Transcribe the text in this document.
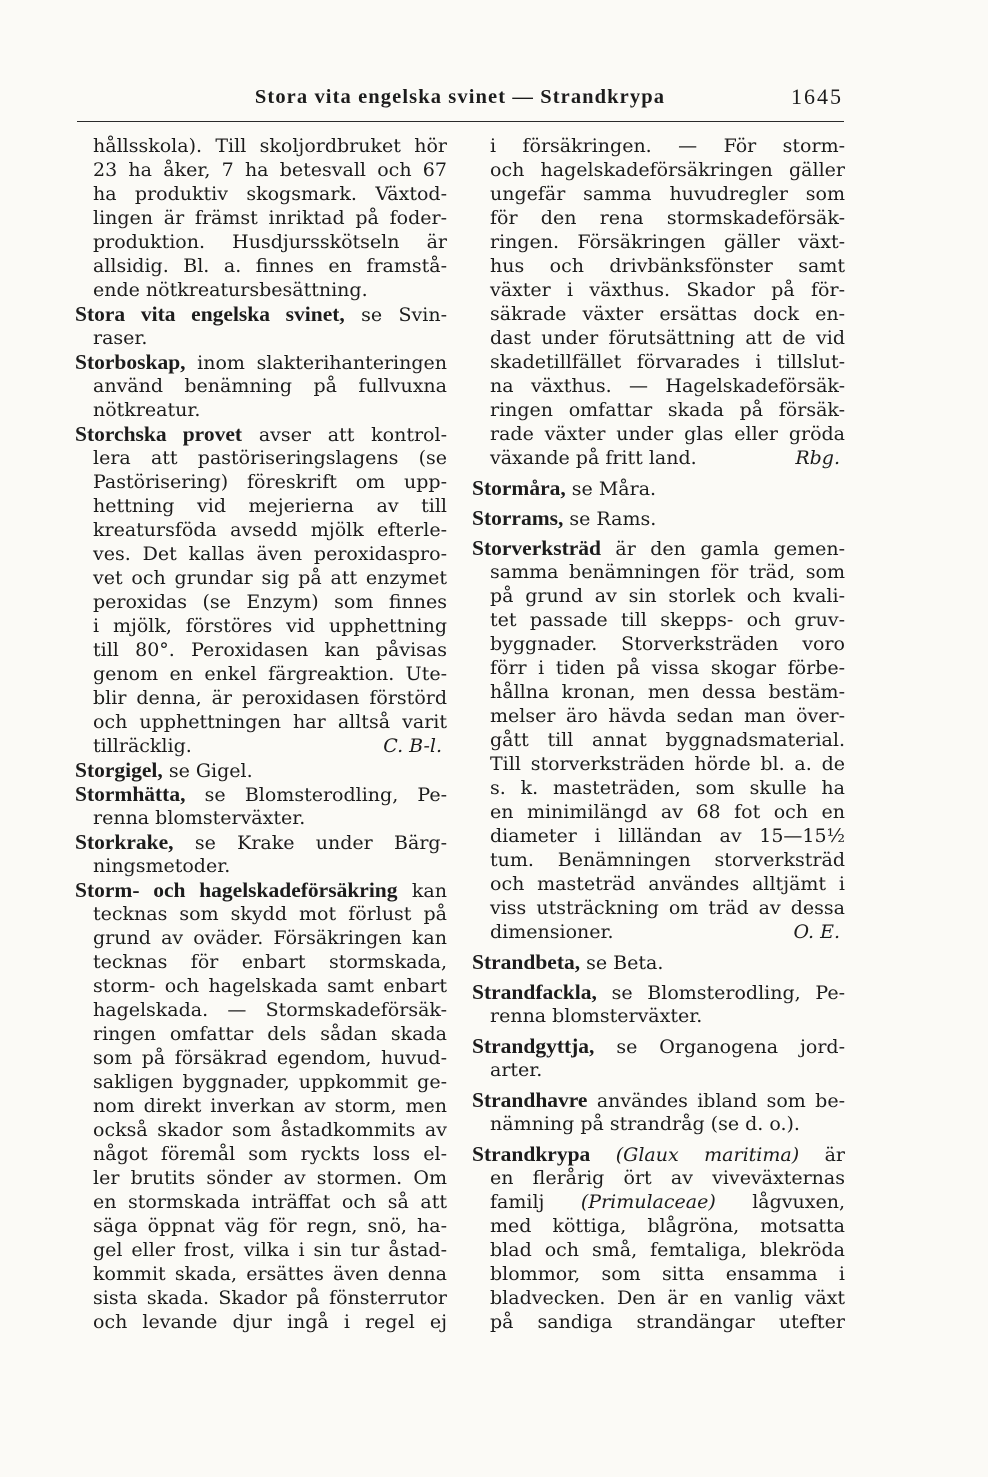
Stora vita engelska svinet — Strandkrypa	1645
hållsskola). Till skoljordbruket hör
23 ha åker, 7 ha betesvall och 67
ha produktiv skogsmark. Växtod-
lingen är främst inriktad på foder-
produktion. Husdjursskötseln är
allsidig. Bl. a. finnes en framstå-
ende nötkreatursbesättning.
Stora vita engelska svinet, se Svin-
raser.
Storboskap, inom slakterihanteringen
använd benämning på fullvuxna
nötkreatur.
Storchska provet avser att kontrol-
lera att pastöriseringslagens (se
Pastörisering) föreskrift om upp-
hettning vid mejerierna av till
kreatursföda avsedd mjölk efterle-
ves. Det kallas även peroxidaspro-
vet och grundar sig på att enzymet
peroxidas (se Enzym) som finnes
i mjölk, förstöres vid upphettning
till 80°. Peroxidasen kan påvisas
genom en enkel färgreaktion. Ute-
blir denna, är peroxidasen förstörd
och upphettningen har alltså varit
tillräcklig.	C. B-l.
Storgigel, se Gigel.
Stormhätta, se Blomsterodling, Pe-
renna blomsterväxter.
Storkrake, se Krake under Bärg-
ningsmetoder.
Storm- och hagelskadeförsäkring kan
tecknas som skydd mot förlust på
grund av oväder. Försäkringen kan
tecknas för enbart stormskada,
storm- och hagelskada samt enbart
hagelskada. — Stormskadeförsäk-
ringen omfattar dels sådan skada
som på försäkrad egendom, huvud-
sakligen byggnader, uppkommit ge-
nom direkt inverkan av storm, men
också skador som åstadkommits av
något föremål som ryckts loss el-
ler brutits sönder av stormen. Om
en stormskada inträffat och så att
säga öppnat väg för regn, snö, ha-
gel eller frost, vilka i sin tur åstad-
kommit skada, ersättes även denna
sista skada. Skador på fönsterrutor
och levande djur ingå i regel ej
i försäkringen. — För storm-
och hagelskadeförsäkringen gäller
ungefär samma huvudregler som
för den rena stormskadeförsäk-
ringen. Försäkringen gäller växt-
hus och drivbänksfönster samt
växter i växthus. Skador på för-
säkrade växter ersättas dock en-
dast under förutsättning att de vid
skadetillfället förvarades i tillslut-
na växthus. — Hagelskadeförsäk-
ringen omfattar skada på försäk-
rade växter under glas eller gröda
växande på fritt land.	Rbg.
Stormåra, se Måra.
Storrams, se Rams.
Storverksträd är den gamla gemen-
samma benämningen för träd, som
på grund av sin storlek och kvali-
tet passade till skepps- och gruv-
byggnader. Storverksträden voro
förr i tiden på vissa skogar förbe-
hållna kronan, men dessa bestäm-
melser äro hävda sedan man över-
gått till annat byggnadsmaterial.
Till storverksträden hörde bl. a. de
s. k. masteträden, som skulle ha
en minimilängd av 68 fot och en
diameter i lilländan av 15—15½
tum. Benämningen storverksträd
och masteträd användes alltjämt i
viss utsträckning om träd av dessa
dimensioner.	O. E.
Strandbeta, se Beta.
Strandfackla, se Blomsterodling, Pe-
renna blomsterväxter.
Strandgyttja, se Organogena jord-
arter.
Strandhavre användes ibland som be-
nämning på strandråg (se d. o.).
Strandkrypa (Glaux maritima) är
en flerårig ört av viveväxternas
familj (Primulaceae) lågvuxen,
med köttiga, blågröna, motsatta
blad och små, femtaliga, blekröda
blommor, som sitta ensamma i
bladvecken. Den är en vanlig växt
på sandiga strandängar utefter
